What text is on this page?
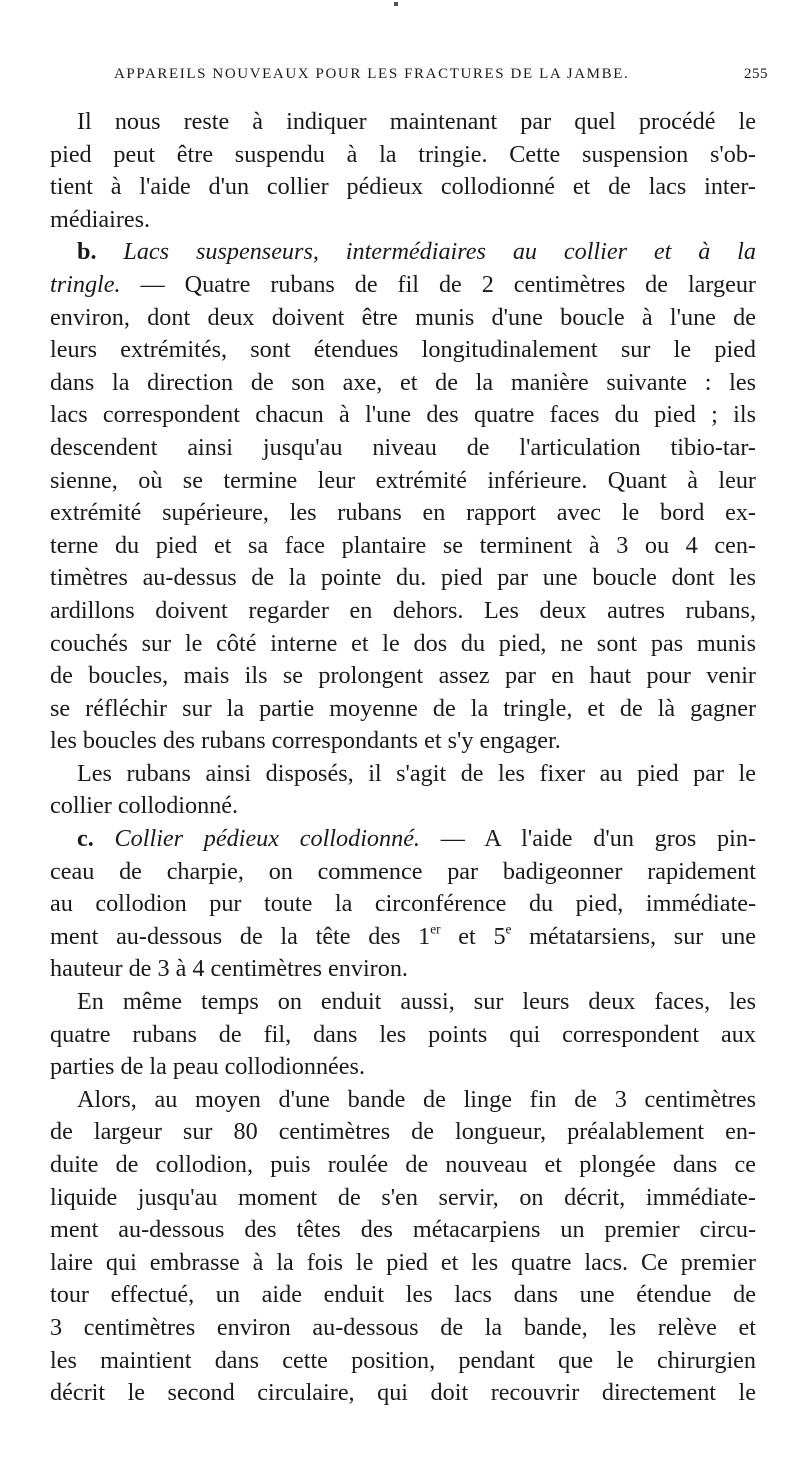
APPAREILS NOUVEAUX POUR LES FRACTURES DE LA JAMBE.	255
Il nous reste à indiquer maintenant par quel procédé le
pied peut être suspendu à la tringie. Cette suspension s'ob-
tient à l'aide d'un collier pédieux collodionné et de lacs inter-
médiaires.
b. Lacs suspenseurs, intermédiaires au collier et à la
tringle. — Quatre rubans de fil de 2 centimètres de largeur
environ, dont deux doivent être munis d'une boucle à l'une de
leurs extrémités, sont étendues longitudinalement sur le pied
dans la direction de son axe, et de la manière suivante : les
lacs correspondent chacun à l'une des quatre faces du pied ; ils
descendent ainsi jusqu'au niveau de l'articulation tibio-tar-
sienne, où se termine leur extrémité inférieure. Quant à leur
extrémité supérieure, les rubans en rapport avec le bord ex-
terne du pied et sa face plantaire se terminent à 3 ou 4 cen-
timètres au-dessus de la pointe du. pied par une boucle dont les
ardillons doivent regarder en dehors. Les deux autres rubans,
couchés sur le côté interne et le dos du pied, ne sont pas munis
de boucles, mais ils se prolongent assez par en haut pour venir
se réfléchir sur la partie moyenne de la tringle, et de là gagner
les boucles des rubans correspondants et s'y engager.
Les rubans ainsi disposés, il s'agit de les fixer au pied par le
collier collodionné.
c. Collier pédieux collodionné. — A l'aide d'un gros pin-
ceau de charpie, on commence par badigeonner rapidement
au collodion pur toute la circonférence du pied, immédiate-
ment au-dessous de la tête des 1er et 5e métatarsiens, sur une
hauteur de 3 à 4 centimètres environ.
En même temps on enduit aussi, sur leurs deux faces, les
quatre rubans de fil, dans les points qui correspondent aux
parties de la peau collodionnées.
Alors, au moyen d'une bande de linge fin de 3 centimètres
de largeur sur 80 centimètres de longueur, préalablement en-
duite de collodion, puis roulée de nouveau et plongée dans ce
liquide jusqu'au moment de s'en servir, on décrit, immédiate-
ment au-dessous des têtes des métacarpiens un premier circu-
laire qui embrasse à la fois le pied et les quatre lacs. Ce premier
tour effectué, un aide enduit les lacs dans une étendue de
3 centimètres environ au-dessous de la bande, les relève et
les maintient dans cette position, pendant que le chirurgien
décrit le second circulaire, qui doit recouvrir directement le
